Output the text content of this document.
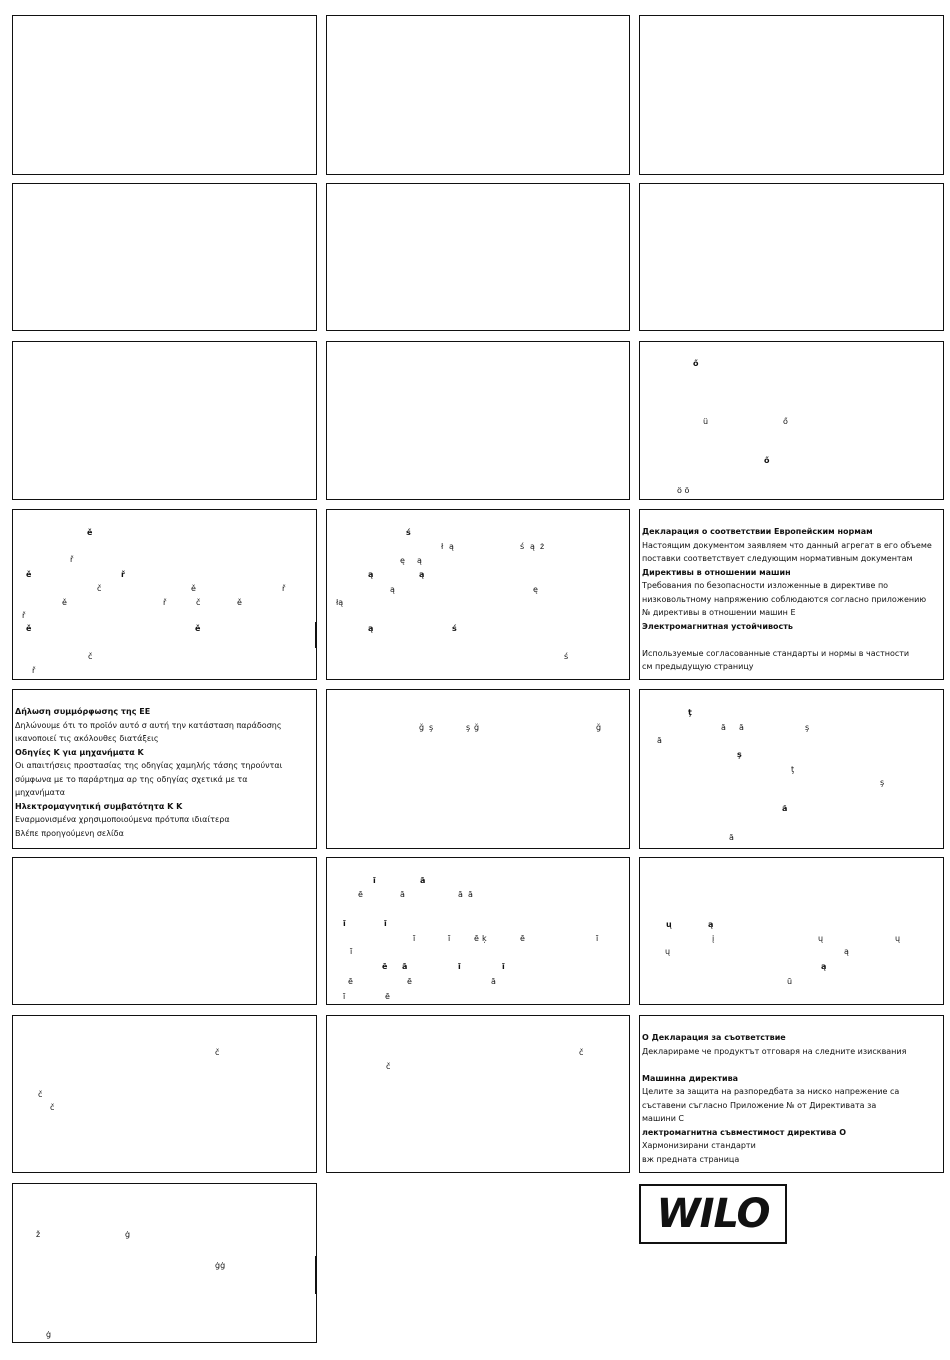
ő
ü	ő
ő
ö ö
ě
ř
ě	ř
č	ě	ř
ě	ř	č	ě
ř
ě	ě
č
ř
ś
ł ą	ś ą ż
ę ą
ą	ą
ą	ę
łą
ą	ś
ś

Декларация о соответствии Европейским нормам

Настоящим документом заявляем что данный агрегат в его объеме

поставки соответствует следующим нормативным документам

Директивы в отношении машин

Требования по безопасности изложенные в директиве по

низковольтному напряжению соблюдаются согласно приложению

№ директивы в отношении машин Е

Электромагнитная устойчивость

Используемые согласованные стандарты и нормы в частности

см предыдущую страницу

Δήλωση συμμόρφωσης της ΕΕ

Δηλώνουμε ότι το προϊόν αυτό σ αυτή την κατάσταση παράδοσης

ικανοποιεί τις ακόλουθες διατάξεις

Οδηγίες Κ για μηχανήματα Κ

Οι απαιτήσεις προστασίας της οδηγίας χαμηλής τάσης τηρούνται

σύμφωνα με το παράρτημα αρ της οδηγίας σχετικά με τα

μηχανήματα

Ηλεκτρομαγνητική συμβατότητα Κ Κ

Εναρμονισμένα χρησιμοποιούμενα πρότυπα ιδιαίτερα

Βλέπε προηγούμενη σελίδα

ğ ş	ş ğ	ğ
ţ
ă ă	ş
ă
ş
ţ
ş
ă
ă
ī	ā
ē	ā	ā ā
ī	ī
ī	ī	ē ķ	ē	ī
ī
ē ā	ī	ī
ē	ē	ā
ī	ē
ų	ą
į	ų	ų
ų	ą
ą
ū
č
č
č
č
č

О Декларация за съответствие

Декларираме че продуктът отговаря на следните изисквания

Машинна директива

Целите за защита на разпоредбата за ниско напрежение са

съставени съгласно Приложение № от Директивата за

машини С

лектромагнитна съвместимост директива О

Хармонизирани стандарти

вж предната страница

ž	ġ
ġġ
ġ
WILO
